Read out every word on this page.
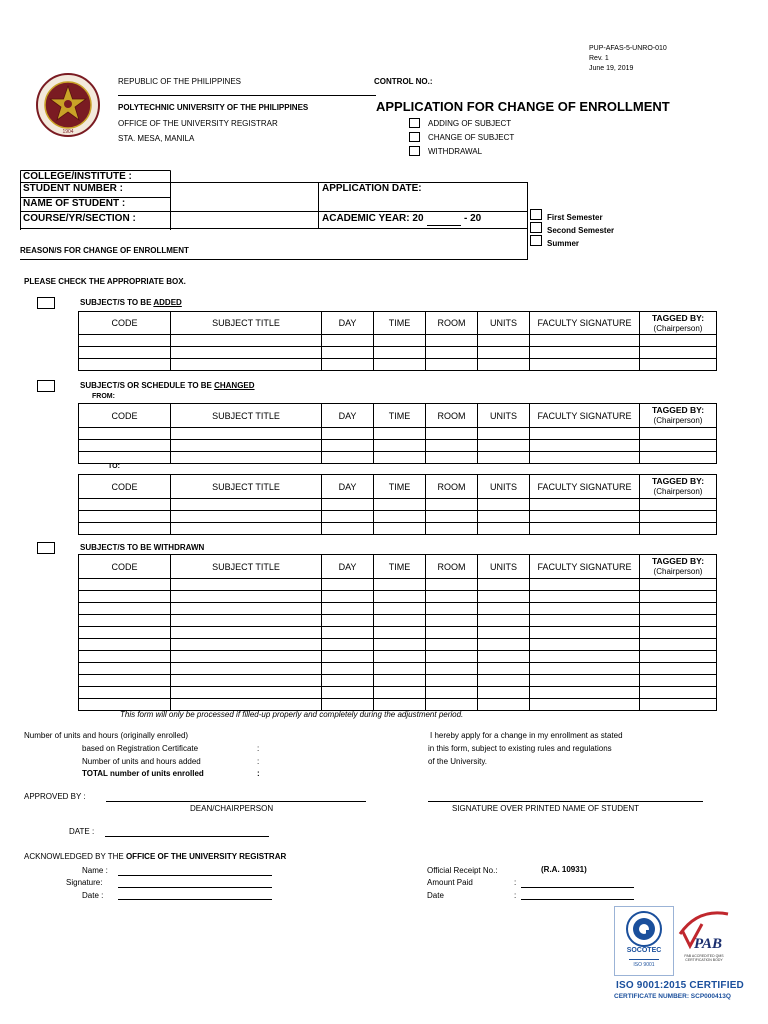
PUP-AFAS-5-UNRO-010
Rev. 1
June 19, 2019
1904
REPUBLIC OF THE PHILIPPINES	CONTROL NO.:
POLYTECHNIC UNIVERSITY OF THE PHILIPPINES
OFFICE OF THE UNIVERSITY REGISTRAR
STA. MESA, MANILA
APPLICATION FOR CHANGE OF ENROLLMENT
ADDING OF SUBJECT
CHANGE OF SUBJECT
WITHDRAWAL
COLLEGE/INSTITUTE :
STUDENT NUMBER :	APPLICATION DATE:
NAME OF STUDENT :
COURSE/YR/SECTION :	ACADEMIC YEAR: 20	- 20
REASON/S FOR CHANGE OF ENROLLMENT
First Semester
Second Semester
Summer
PLEASE CHECK THE APPROPRIATE BOX.
SUBJECT/S TO BE ADDED
CODE	SUBJECT TITLE	DAY	TIME	ROOM	UNITS	FACULTY SIGNATURE	TAGGED BY:
(Chairperson)

SUBJECT/S OR SCHEDULE TO BE CHANGED
FROM:
CODE	SUBJECT TITLE	DAY	TIME	ROOM	UNITS	FACULTY SIGNATURE	TAGGED BY:
(Chairperson)

TO:
CODE	SUBJECT TITLE	DAY	TIME	ROOM	UNITS	FACULTY SIGNATURE	TAGGED BY:
(Chairperson)

SUBJECT/S TO BE WITHDRAWN
CODE	SUBJECT TITLE	DAY	TIME	ROOM	UNITS	FACULTY SIGNATURE	TAGGED BY:
(Chairperson)

This form will only be processed if filled-up properly and completely during the adjustment period.
Number of units and hours (originally enrolled)
based on Registration Certificate	:
Number of units and hours added	:
TOTAL number of units enrolled	:
I hereby apply for a change in my enrollment as stated
in this form, subject to existing rules and regulations
of the University.
APPROVED BY :
DEAN/CHAIRPERSON	SIGNATURE OVER PRINTED NAME OF STUDENT
DATE :
ACKNOWLEDGED BY THE OFFICE OF THE UNIVERSITY REGISTRAR
Name :
Signature:
Date :
Official Receipt No.:	(R.A. 10931)
Amount Paid	:
Date	:
SOCOTEC
ISO 9001
PAB
PAB ACCREDITED QMS CERTIFICATION BODY
ISO 9001:2015 CERTIFIED
CERTIFICATE NUMBER: SCP000413Q
